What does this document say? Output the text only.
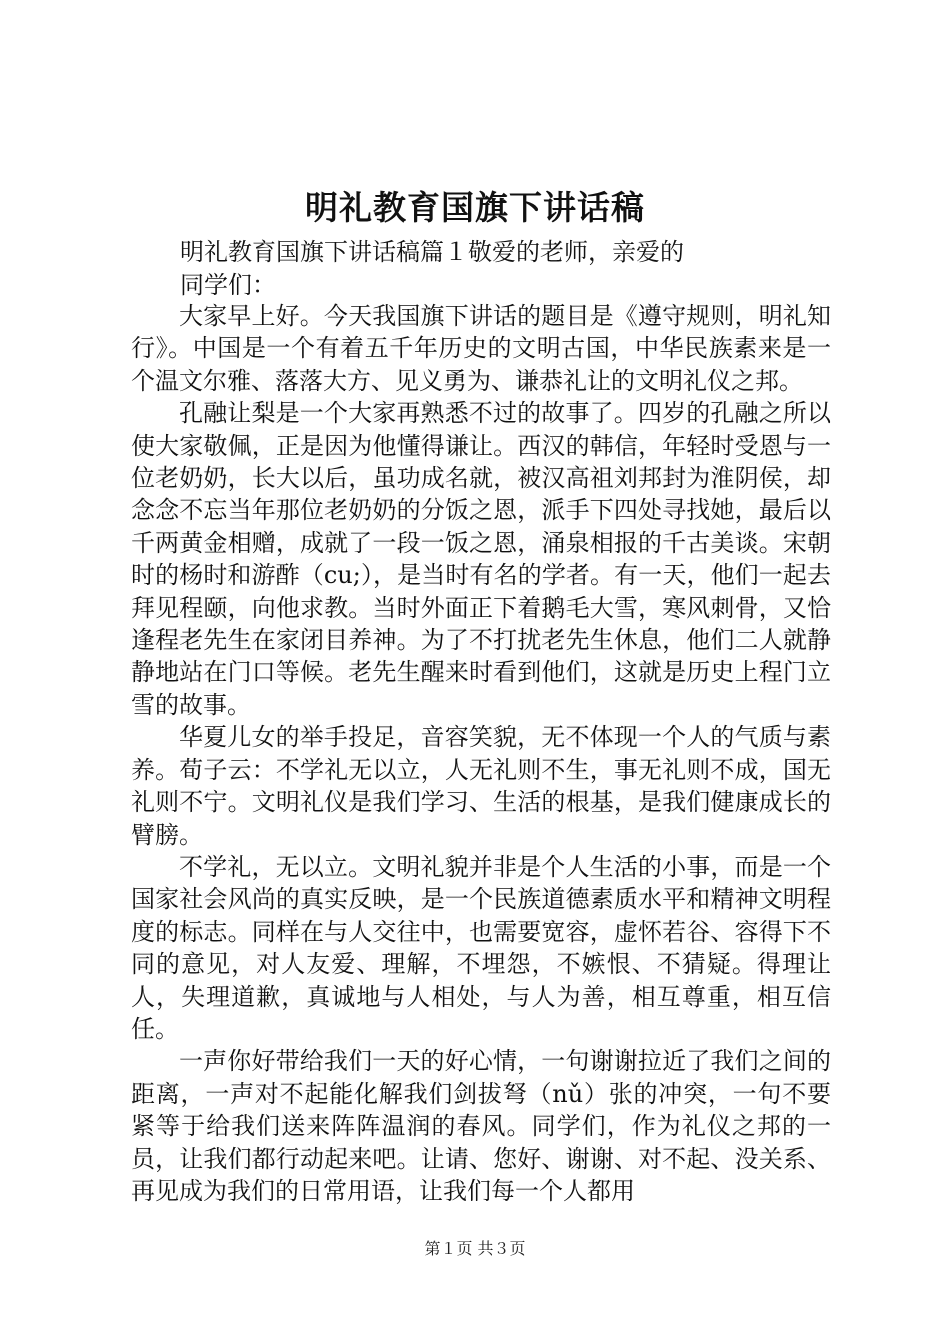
明礼教育国旗下讲话稿
明礼教育国旗下讲话稿篇１敬爱的老师，亲爱的
同学们：

大家早上好。今天我国旗下讲话的题目是《遵守规则，明礼知行》。中国是一个有着五千年历史的文明古国，中华民族素来是一个温文尔雅、落落大方、见义勇为、谦恭礼让的文明礼仪之邦。

孔融让梨是一个大家再熟悉不过的故事了。四岁的孔融之所以使大家敬佩，正是因为他懂得谦让。西汉的韩信，年轻时受恩与一位老奶奶，长大以后，虽功成名就，被汉高祖刘邦封为淮阴侯，却念念不忘当年那位老奶奶的分饭之恩，派手下四处寻找她，最后以千两黄金相赠，成就了一段一饭之恩，涌泉相报的千古美谈。宋朝时的杨时和游酢（cu;），是当时有名的学者。有一天，他们一起去拜见程颐，向他求教。当时外面正下着鹅毛大雪，寒风刺骨，又恰逢程老先生在家闭目养神。为了不打扰老先生休息，他们二人就静静地站在门口等候。老先生醒来时看到他们，这就是历史上程门立雪的故事。

华夏儿女的举手投足，音容笑貌，无不体现一个人的气质与素养。荀子云：不学礼无以立，人无礼则不生，事无礼则不成，国无礼则不宁。文明礼仪是我们学习、生活的根基，是我们健康成长的臂膀。

不学礼，无以立。文明礼貌并非是个人生活的小事，而是一个国家社会风尚的真实反映，是一个民族道德素质水平和精神文明程度的标志。同样在与人交往中，也需要宽容，虚怀若谷、容得下不同的意见，对人友爱、理解，不埋怨，不嫉恨、不猜疑。得理让人，失理道歉，真诚地与人相处，与人为善，相互尊重，相互信任。

一声你好带给我们一天的好心情，一句谢谢拉近了我们之间的距离，一声对不起能化解我们剑拔弩（nǔ）张的冲突，一句不要紧等于给我们送来阵阵温润的春风。同学们，作为礼仪之邦的一员，让我们都行动起来吧。让请、您好、谢谢、对不起、没关系、再见成为我们的日常用语，让我们每一个人都用

第１页 共３页
